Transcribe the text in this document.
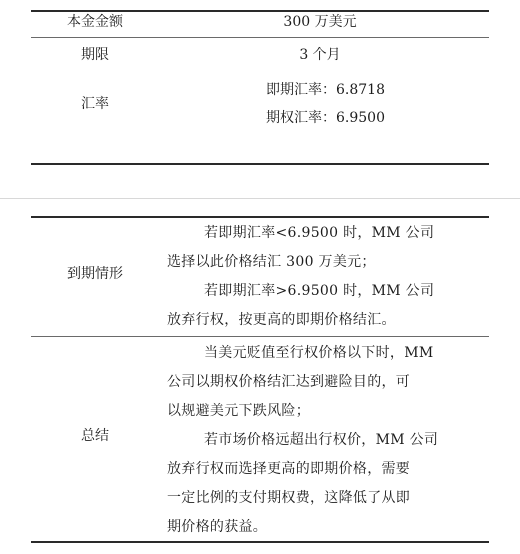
本金金额	300 万美元
期限	3 个月
汇率
即期汇率：6.8718
期权汇率：6.9500
到期情形
若即期汇率<6.9500 时，MM 公司
选择以此价格结汇 300 万美元；
若即期汇率>6.9500 时，MM 公司
放弃行权，按更高的即期价格结汇。
总结
当美元贬值至行权价格以下时，MM
公司以期权价格结汇达到避险目的，可
以规避美元下跌风险；
若市场价格远超出行权价，MM 公司
放弃行权而选择更高的即期价格，需要
一定比例的支付期权费，这降低了从即
期价格的获益。
